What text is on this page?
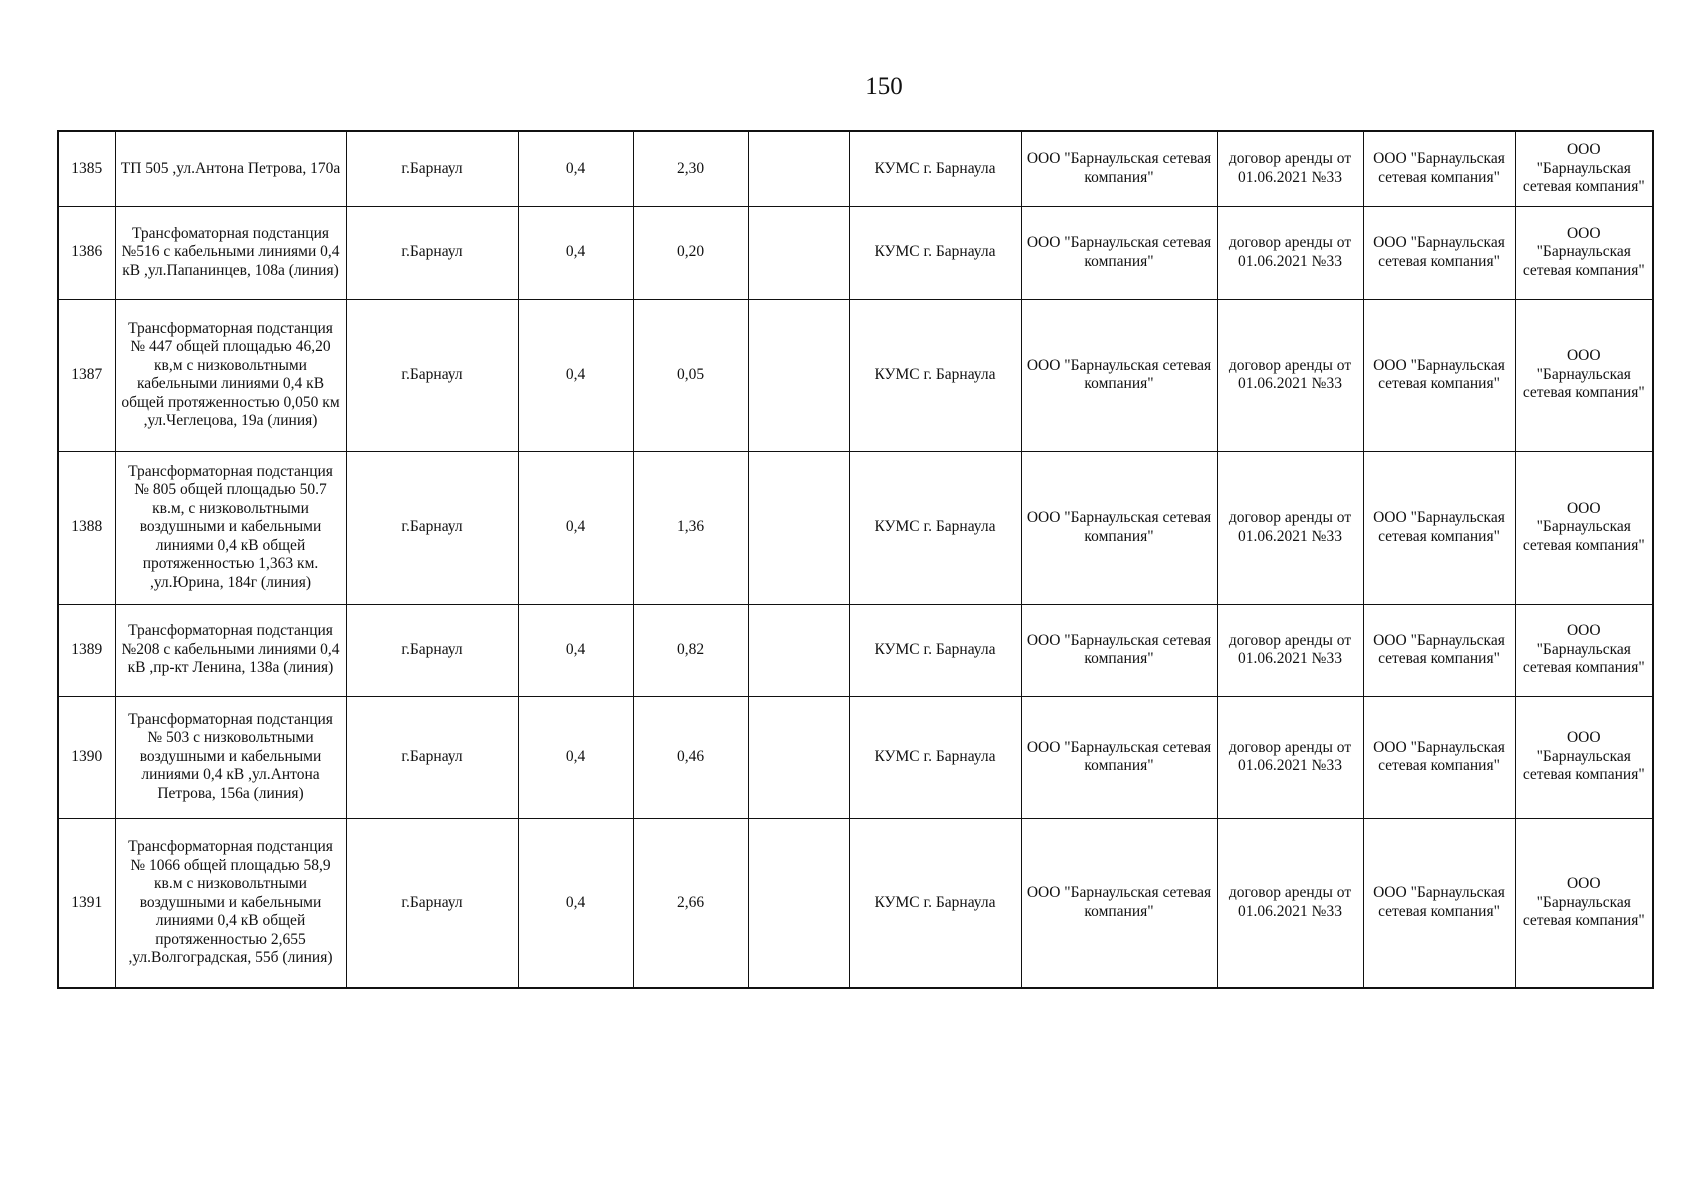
150
1385	ТП 505 ,ул.Антона Петрова, 170а	г.Барнаул	0,4	2,30		КУМС г. Барнаула	ООО "Барнаульская сетевая компания"	договор аренды от 01.06.2021 №33	ООО "Барнаульская сетевая компания"	ООО "Барнаульская сетевая компания"
1386	Трансфоматорная подстанция №516 с кабельными линиями 0,4 кВ ,ул.Папанинцев, 108а (линия)	г.Барнаул	0,4	0,20		КУМС г. Барнаула	ООО "Барнаульская сетевая компания"	договор аренды от 01.06.2021 №33	ООО "Барнаульская сетевая компания"	ООО "Барнаульская сетевая компания"
1387	Трансформаторная подстанция № 447 общей площадью 46,20 кв,м с низковольтными кабельными линиями 0,4 кВ общей протяженностью 0,050 км ,ул.Чеглецова, 19а (линия)	г.Барнаул	0,4	0,05		КУМС г. Барнаула	ООО "Барнаульская сетевая компания"	договор аренды от 01.06.2021 №33	ООО "Барнаульская сетевая компания"	ООО "Барнаульская сетевая компания"
1388	Трансформаторная подстанция № 805 общей площадью 50.7 кв.м, с низковольтными воздушными и кабельными линиями 0,4 кВ общей протяженностью 1,363 км. ,ул.Юрина, 184г (линия)	г.Барнаул	0,4	1,36		КУМС г. Барнаула	ООО "Барнаульская сетевая компания"	договор аренды от 01.06.2021 №33	ООО "Барнаульская сетевая компания"	ООО "Барнаульская сетевая компания"
1389	Трансформаторная подстанция №208 с кабельными линиями 0,4 кВ ,пр-кт Ленина, 138а (линия)	г.Барнаул	0,4	0,82		КУМС г. Барнаула	ООО "Барнаульская сетевая компания"	договор аренды от 01.06.2021 №33	ООО "Барнаульская сетевая компания"	ООО "Барнаульская сетевая компания"
1390	Трансформаторная подстанция № 503 с низковольтными воздушными и кабельными линиями 0,4 кВ ,ул.Антона Петрова, 156а (линия)	г.Барнаул	0,4	0,46		КУМС г. Барнаула	ООО "Барнаульская сетевая компания"	договор аренды от 01.06.2021 №33	ООО "Барнаульская сетевая компания"	ООО "Барнаульская сетевая компания"
1391	Трансформаторная подстанция № 1066 общей площадью 58,9 кв.м с низковольтными воздушными и кабельными линиями 0,4 кВ общей протяженностью 2,655 ,ул.Волгоградская, 55б (линия)	г.Барнаул	0,4	2,66		КУМС г. Барнаула	ООО "Барнаульская сетевая компания"	договор аренды от 01.06.2021 №33	ООО "Барнаульская сетевая компания"	ООО "Барнаульская сетевая компания"
